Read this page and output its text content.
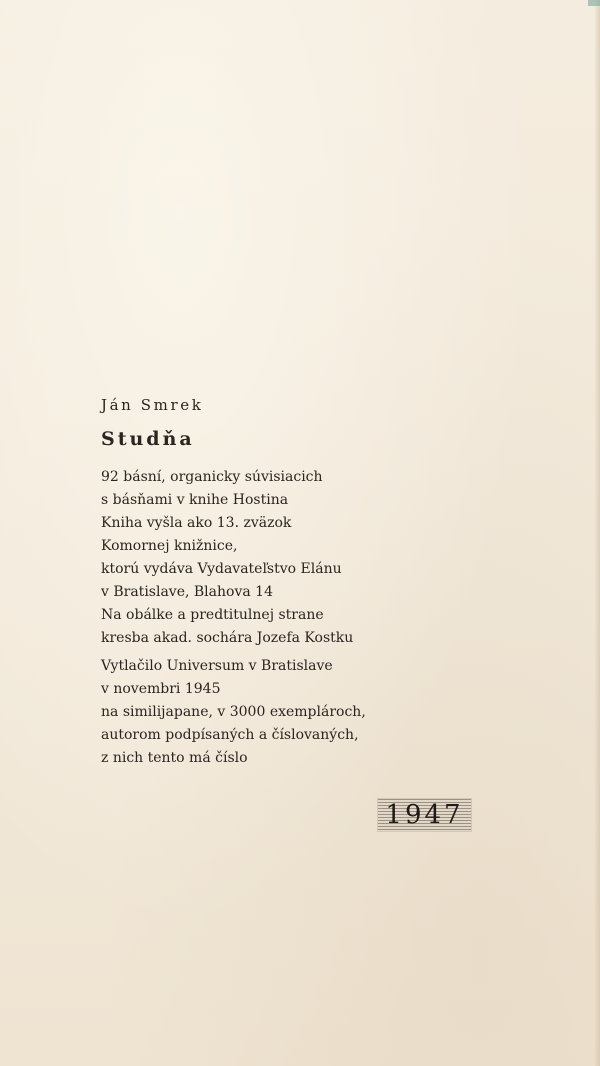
Ján Smrek

Studňa

92 básní, organicky súvisiacich
s básňami v knihe Hostina
Kniha vyšla ako 13. zväzok
Komornej knižnice,
ktorú vydáva Vydavateľstvo Elánu
v Bratislave, Blahova 14
Na obálke a predtitulnej strane
kresba akad. sochára Jozefa Kostku
Vytlačilo Universum v Bratislave
v novembri 1945
na similijapane, v 3000 exemplároch,
autorom podpísaných a číslovaných,
z nich tento má číslo
1947
